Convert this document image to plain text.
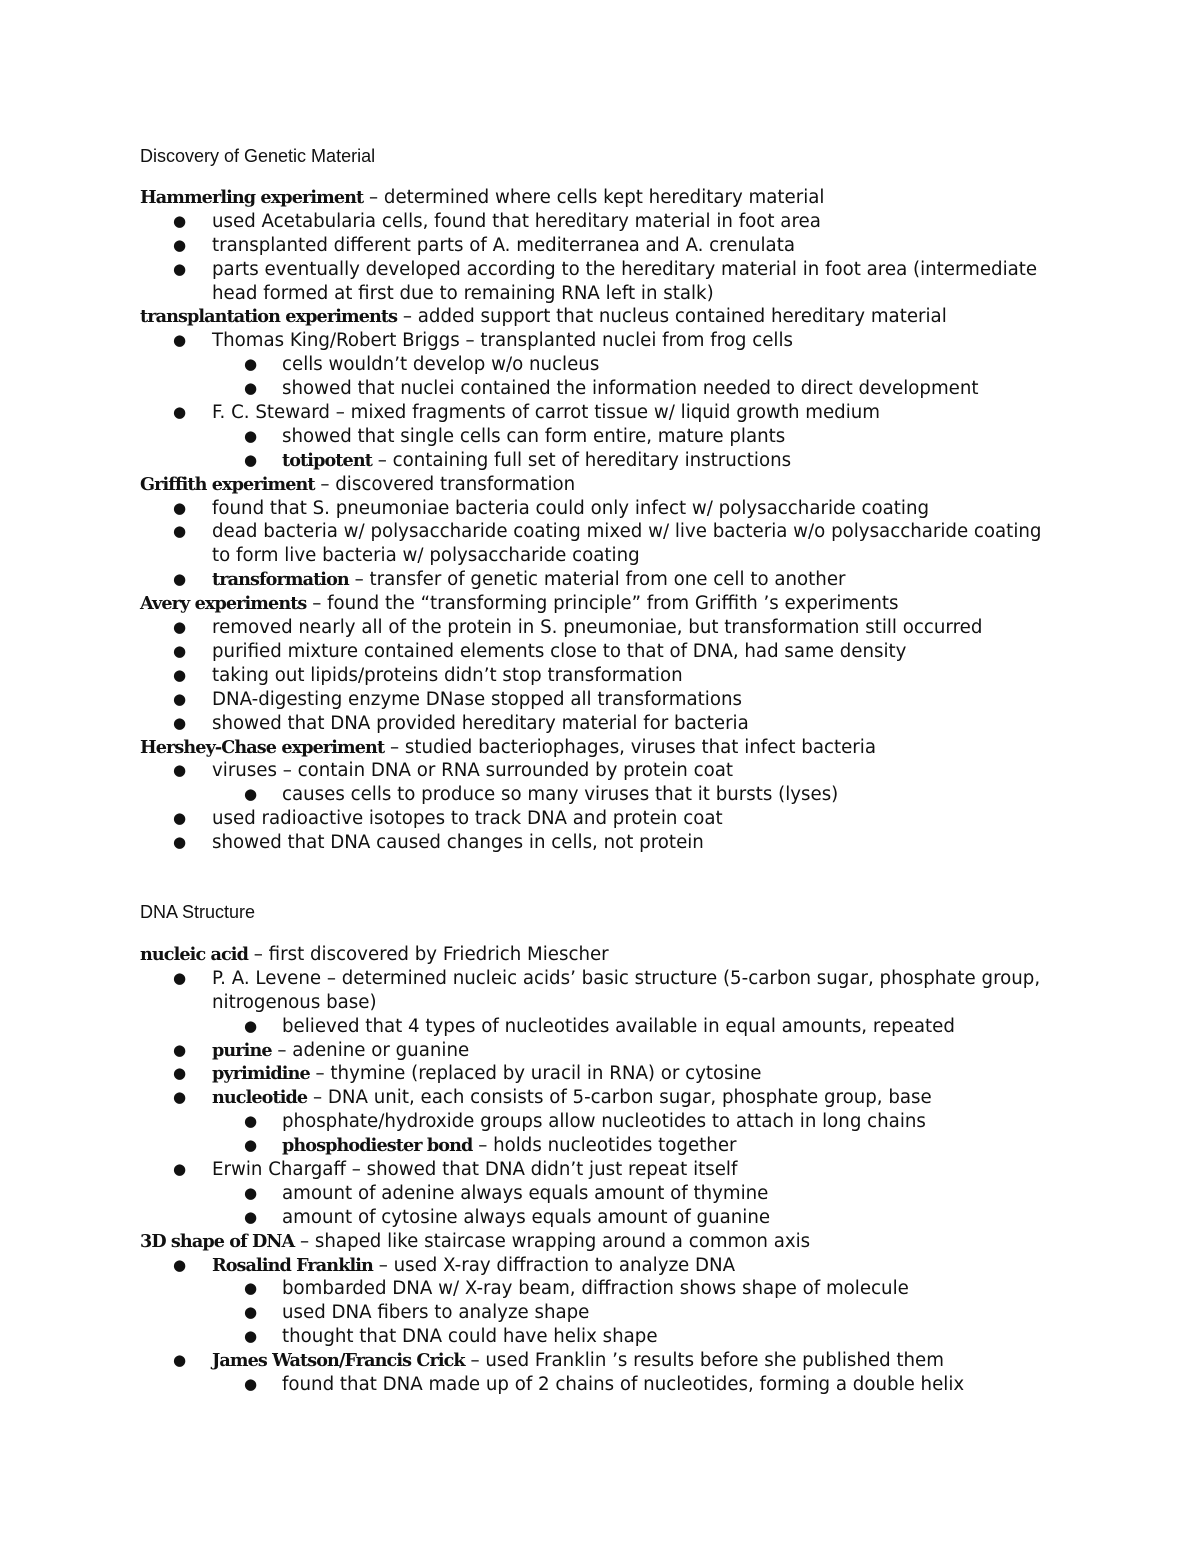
Discovery of Genetic Material
Hammerling experiment – determined where cells kept hereditary material
● used Acetabularia cells, found that hereditary material in foot area
● transplanted different parts of A. mediterranea and A. crenulata
● parts eventually developed according to the hereditary material in foot area (intermediate head formed at first due to remaining RNA left in stalk)
transplantation experiments – added support that nucleus contained hereditary material
● Thomas King/Robert Briggs – transplanted nuclei from frog cells
● cells wouldn’t develop w/o nucleus
● showed that nuclei contained the information needed to direct development
● F. C. Steward – mixed fragments of carrot tissue w/ liquid growth medium
● showed that single cells can form entire, mature plants
● totipotent – containing full set of hereditary instructions
Griffith experiment – discovered transformation
● found that S. pneumoniae bacteria could only infect w/ polysaccharide coating
● dead bacteria w/ polysaccharide coating mixed w/ live bacteria w/o polysaccharide coating to form live bacteria w/ polysaccharide coating
● transformation – transfer of genetic material from one cell to another
Avery experiments – found the “transforming principle” from Griffith ’s experiments
● removed nearly all of the protein in S. pneumoniae, but transformation still occurred
● purified mixture contained elements close to that of DNA, had same density
● taking out lipids/proteins didn’t stop transformation
● DNA-digesting enzyme DNase stopped all transformations
● showed that DNA provided hereditary material for bacteria
Hershey-Chase experiment – studied bacteriophages, viruses that infect bacteria
● viruses – contain DNA or RNA surrounded by protein coat
● causes cells to produce so many viruses that it bursts (lyses)
● used radioactive isotopes to track DNA and protein coat
● showed that DNA caused changes in cells, not protein
DNA Structure
nucleic acid – first discovered by Friedrich Miescher
● P. A. Levene – determined nucleic acids’ basic structure (5-carbon sugar, phosphate group, nitrogenous base)
● believed that 4 types of nucleotides available in equal amounts, repeated
● purine – adenine or guanine
● pyrimidine – thymine (replaced by uracil in RNA) or cytosine
● nucleotide – DNA unit, each consists of 5-carbon sugar, phosphate group, base
● phosphate/hydroxide groups allow nucleotides to attach in long chains
● phosphodiester bond – holds nucleotides together
● Erwin Chargaff – showed that DNA didn’t just repeat itself
● amount of adenine always equals amount of thymine
● amount of cytosine always equals amount of guanine
3D shape of DNA – shaped like staircase wrapping around a common axis
● Rosalind Franklin – used X-ray diffraction to analyze DNA
● bombarded DNA w/ X-ray beam, diffraction shows shape of molecule
● used DNA fibers to analyze shape
● thought that DNA could have helix shape
● James Watson/Francis Crick – used Franklin ’s results before she published them
● found that DNA made up of 2 chains of nucleotides, forming a double helix
